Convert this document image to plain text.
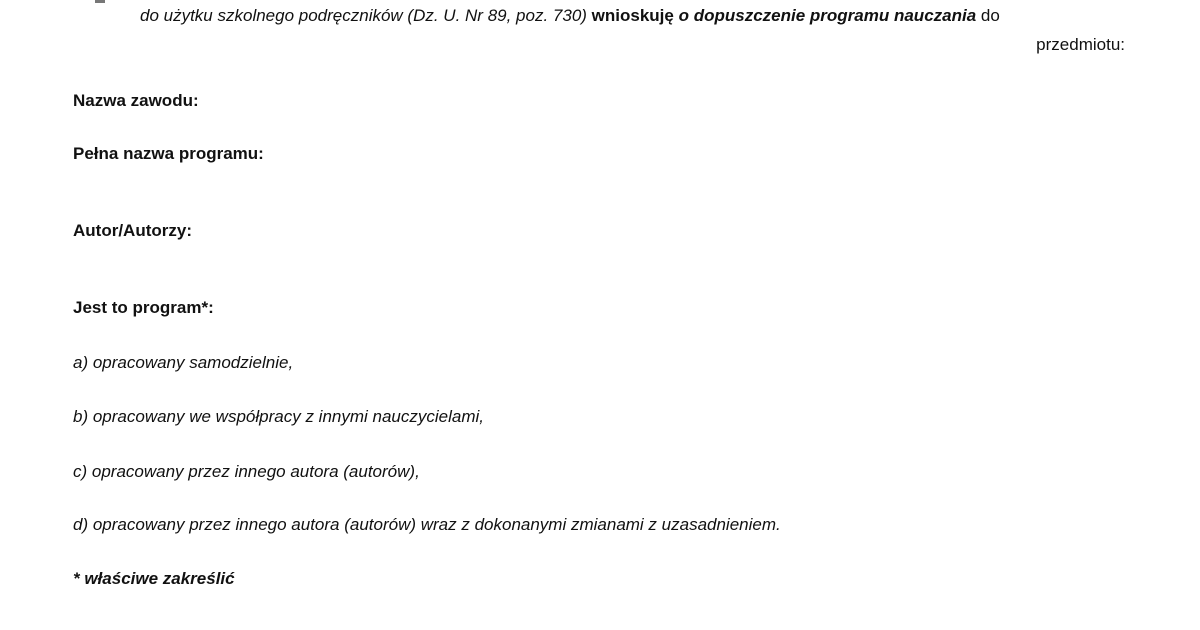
do użytku szkolnego podręczników (Dz. U. Nr 89, poz. 730) wnioskuję o dopuszczenie programu nauczania do
przedmiotu:
Nazwa zawodu:
Pełna nazwa programu:
Autor/Autorzy:
Jest to program*:
a) opracowany samodzielnie,
b) opracowany we współpracy z innymi nauczycielami,
c) opracowany przez innego autora (autorów),
d) opracowany przez innego autora (autorów) wraz z dokonanymi zmianami z uzasadnieniem.
* właściwe zakreślić
